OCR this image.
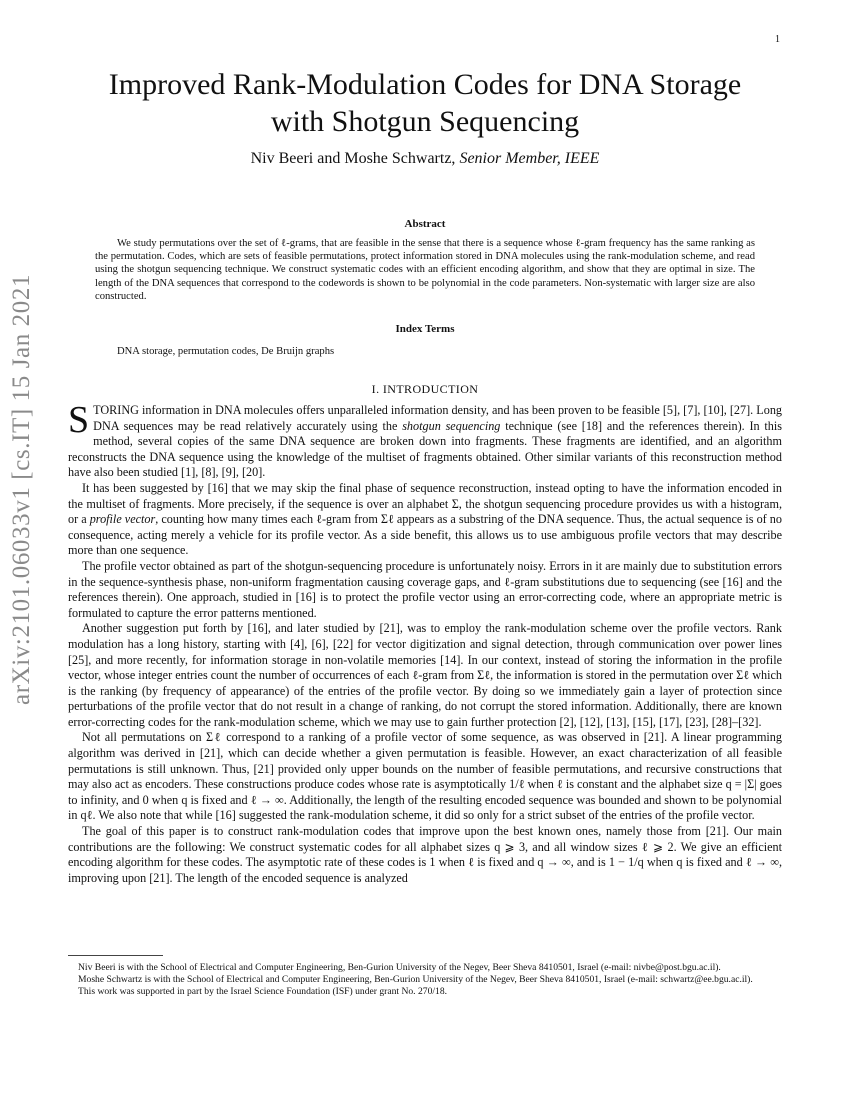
1
arXiv:2101.06033v1 [cs.IT] 15 Jan 2021
Improved Rank-Modulation Codes for DNA Storage
with Shotgun Sequencing
Niv Beeri and Moshe Schwartz, Senior Member, IEEE
Abstract

We study permutations over the set of ℓ-grams, that are feasible in the sense that there is a sequence whose ℓ-gram frequency has the same ranking as the permutation. Codes, which are sets of feasible permutations, protect information stored in DNA molecules using the rank-modulation scheme, and read using the shotgun sequencing technique. We construct systematic codes with an efficient encoding algorithm, and show that they are optimal in size. The length of the DNA sequences that correspond to the codewords is shown to be polynomial in the code parameters. Non-systematic with larger size are also constructed.

Index Terms
DNA storage, permutation codes, De Bruijn graphs
I. INTRODUCTION

STORING information in DNA molecules offers unparalleled information density, and has been proven to be feasible [5], [7], [10], [27]. Long DNA sequences may be read relatively accurately using the shotgun sequencing technique (see [18] and the references therein). In this method, several copies of the same DNA sequence are broken down into fragments. These fragments are identified, and an algorithm reconstructs the DNA sequence using the knowledge of the multiset of fragments obtained. Other similar variants of this reconstruction method have also been studied [1], [8], [9], [20].

It has been suggested by [16] that we may skip the final phase of sequence reconstruction, instead opting to have the information encoded in the multiset of fragments. More precisely, if the sequence is over an alphabet Σ, the shotgun sequencing procedure provides us with a histogram, or a profile vector, counting how many times each ℓ-gram from Σℓ appears as a substring of the DNA sequence. Thus, the actual sequence is of no consequence, acting merely a vehicle for its profile vector. As a side benefit, this allows us to use ambiguous profile vectors that may describe more than one sequence.

The profile vector obtained as part of the shotgun-sequencing procedure is unfortunately noisy. Errors in it are mainly due to substitution errors in the sequence-synthesis phase, non-uniform fragmentation causing coverage gaps, and ℓ-gram substitutions due to sequencing (see [16] and the references therein). One approach, studied in [16] is to protect the profile vector using an error-correcting code, where an appropriate metric is formulated to capture the error patterns mentioned.

Another suggestion put forth by [16], and later studied by [21], was to employ the rank-modulation scheme over the profile vectors. Rank modulation has a long history, starting with [4], [6], [22] for vector digitization and signal detection, through communication over power lines [25], and more recently, for information storage in non-volatile memories [14]. In our context, instead of storing the information in the profile vector, whose integer entries count the number of occurrences of each ℓ-gram from Σℓ, the information is stored in the permutation over Σℓ which is the ranking (by frequency of appearance) of the entries of the profile vector. By doing so we immediately gain a layer of protection since perturbations of the profile vector that do not result in a change of ranking, do not corrupt the stored information. Additionally, there are known error-correcting codes for the rank-modulation scheme, which we may use to gain further protection [2], [12], [13], [15], [17], [23], [28]–[32].

Not all permutations on Σℓ correspond to a ranking of a profile vector of some sequence, as was observed in [21]. A linear programming algorithm was derived in [21], which can decide whether a given permutation is feasible. However, an exact characterization of all feasible permutations is still unknown. Thus, [21] provided only upper bounds on the number of feasible permutations, and recursive constructions that may also act as encoders. These constructions produce codes whose rate is asymptotically 1/ℓ when ℓ is constant and the alphabet size q = |Σ| goes to infinity, and 0 when q is fixed and ℓ → ∞. Additionally, the length of the resulting encoded sequence was bounded and shown to be polynomial in qℓ. We also note that while [16] suggested the rank-modulation scheme, it did so only for a strict subset of the entries of the profile vector.

The goal of this paper is to construct rank-modulation codes that improve upon the best known ones, namely those from [21]. Our main contributions are the following: We construct systematic codes for all alphabet sizes q ⩾ 3, and all window sizes ℓ ⩾ 2. We give an efficient encoding algorithm for these codes. The asymptotic rate of these codes is 1 when ℓ is fixed and q → ∞, and is 1 − 1/q when q is fixed and ℓ → ∞, improving upon [21]. The length of the encoded sequence is analyzed

Niv Beeri is with the School of Electrical and Computer Engineering, Ben-Gurion University of the Negev, Beer Sheva 8410501, Israel (e-mail: nivbe@post.bgu.ac.il).

Moshe Schwartz is with the School of Electrical and Computer Engineering, Ben-Gurion University of the Negev, Beer Sheva 8410501, Israel (e-mail: schwartz@ee.bgu.ac.il).

This work was supported in part by the Israel Science Foundation (ISF) under grant No. 270/18.
